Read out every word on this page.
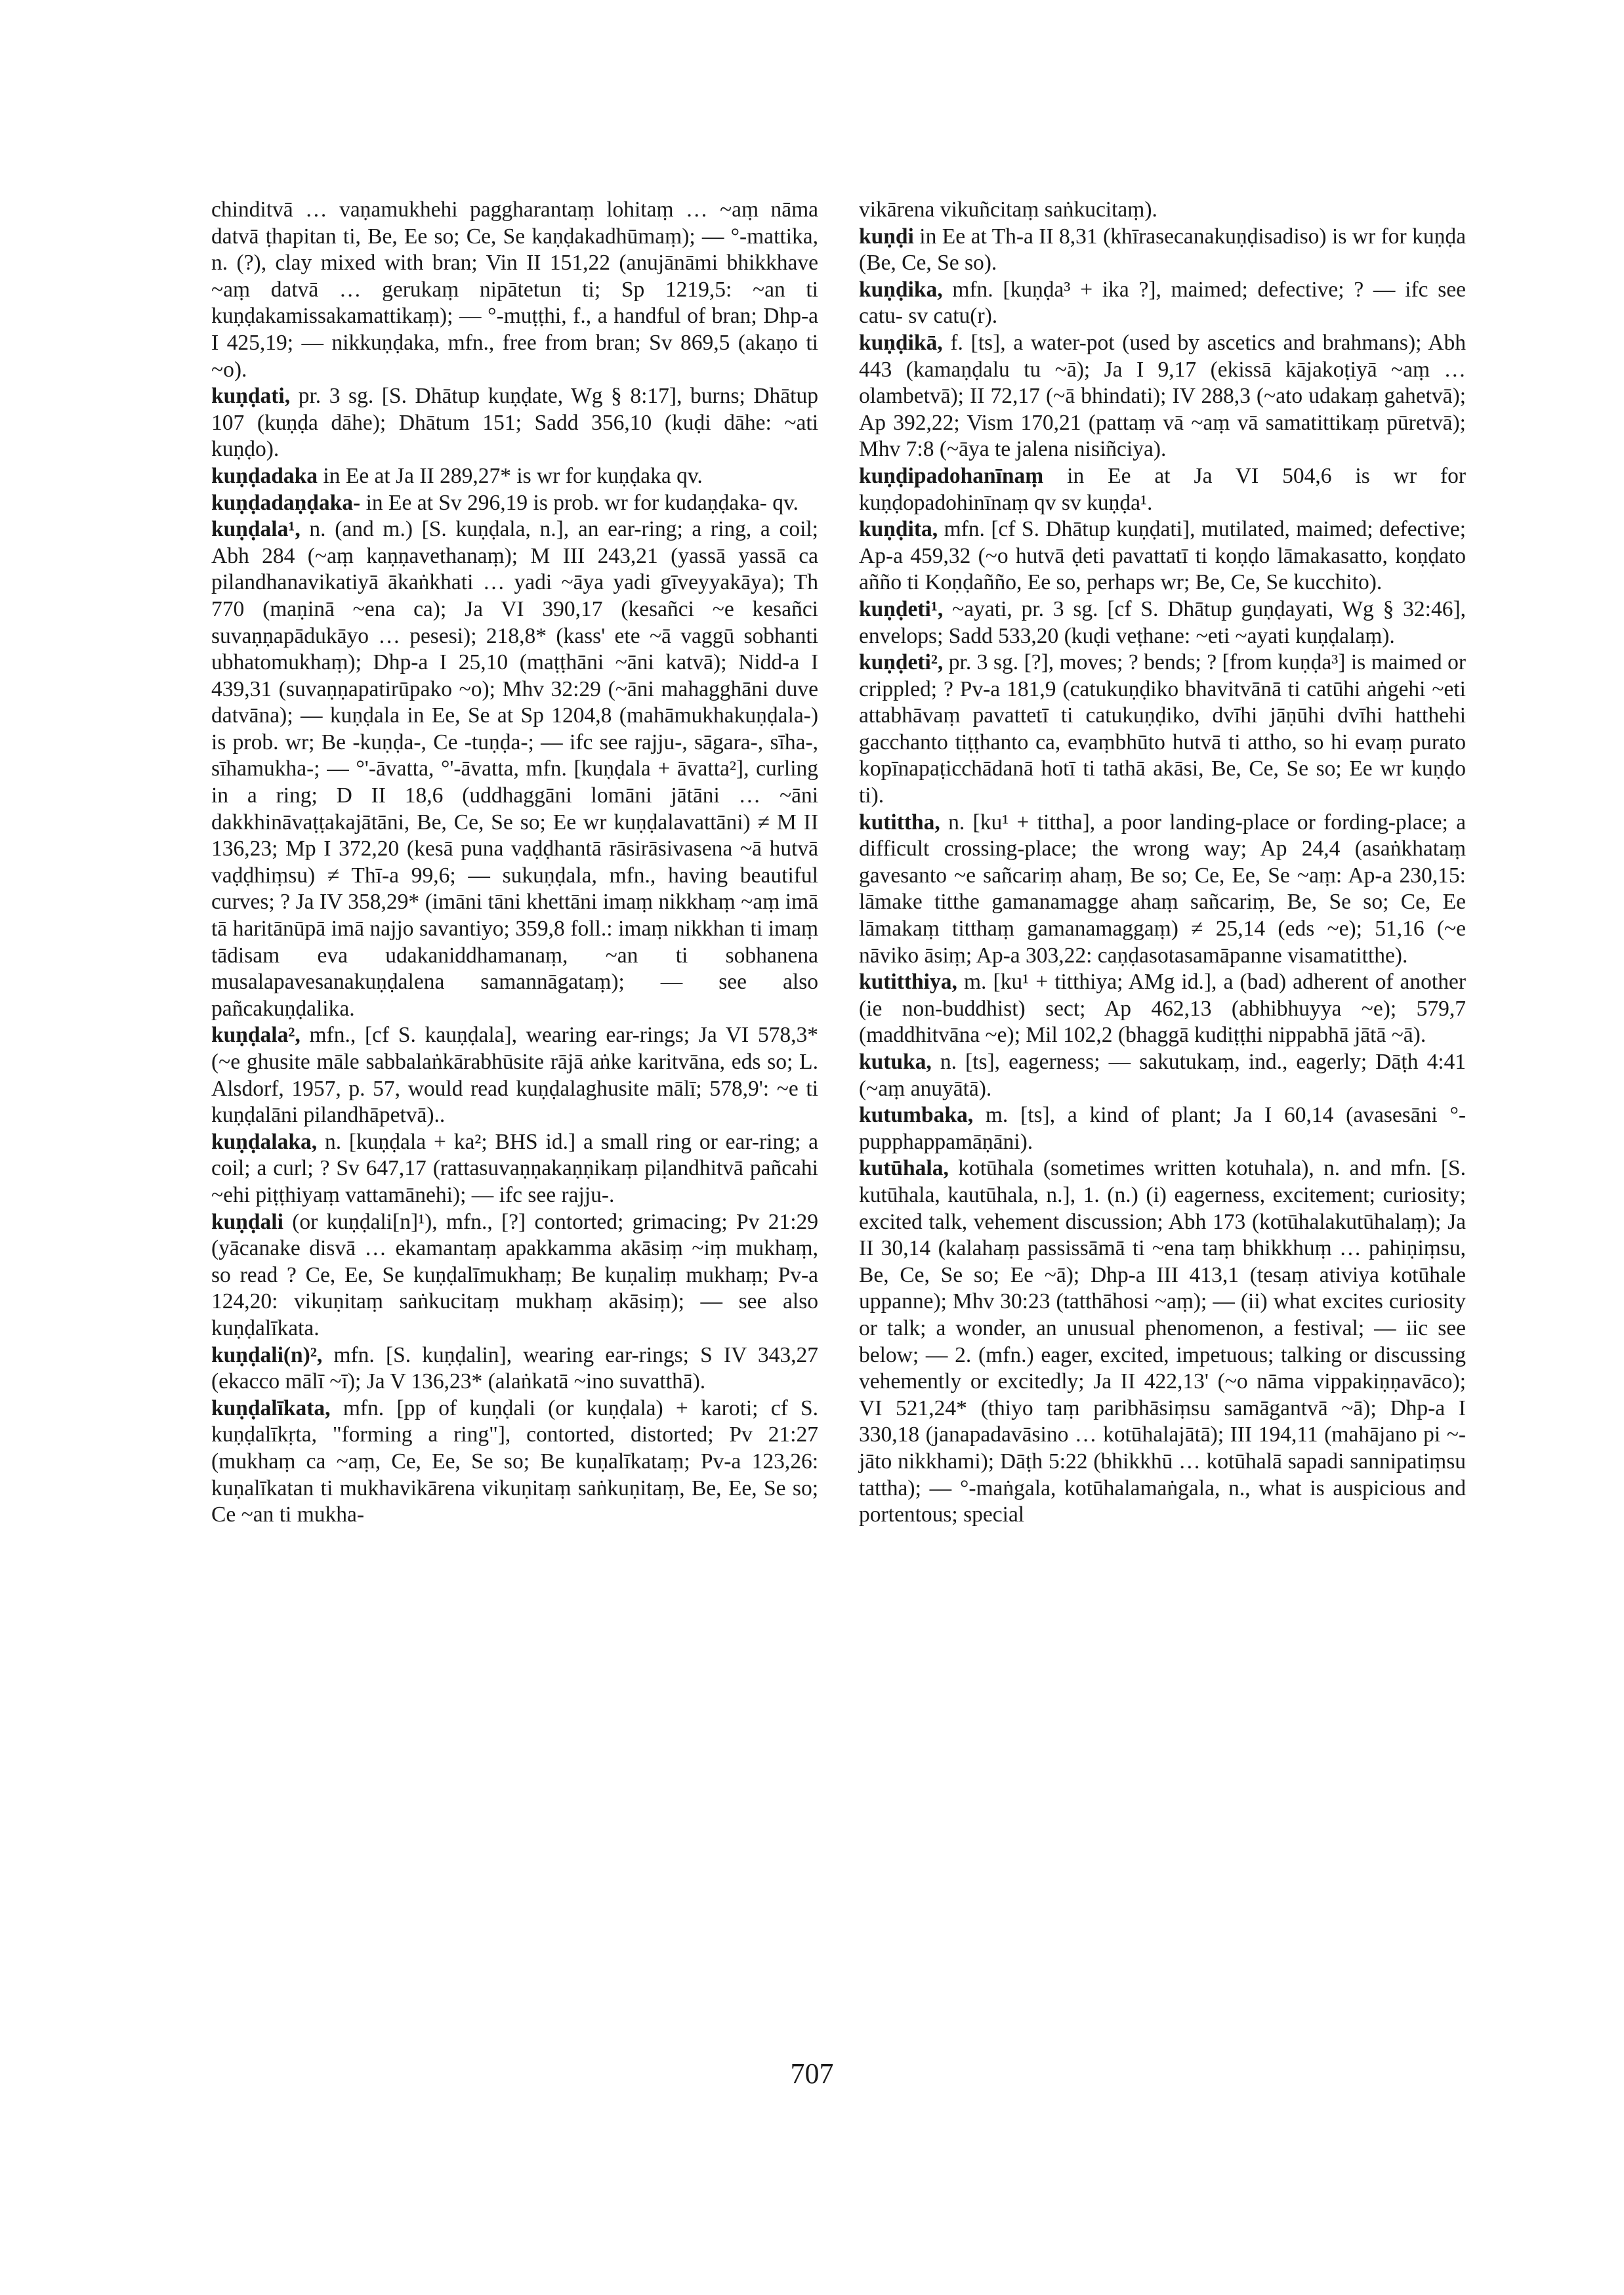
chinditvā … vaṇamukhehi paggharantaṃ lohitaṃ … ~aṃ nāma datvā ṭhapitan ti, Be, Ee so; Ce, Se kaṇḍakadhūmaṃ); — °-mattika, n. (?), clay mixed with bran; Vin II 151,22 (anujānāmi bhikkhave ~aṃ datvā … gerukaṃ nipātetun ti; Sp 1219,5: ~an ti kuṇḍakamissakamattikaṃ); — °-muṭṭhi, f., a handful of bran; Dhp-a I 425,19; — nikkuṇḍaka, mfn., free from bran; Sv 869,5 (akaṇo ti ~o).

kuṇḍati, pr. 3 sg. [S. Dhātup kuṇḍate, Wg § 8:17], burns; Dhātup 107 (kuṇḍa dāhe); Dhātum 151; Sadd 356,10 (kuḍi dāhe: ~ati kuṇḍo).

kuṇḍadaka in Ee at Ja II 289,27* is wr for kuṇḍaka qv.

kuṇḍadaṇḍaka- in Ee at Sv 296,19 is prob. wr for kudaṇḍaka- qv.

kuṇḍala¹, n. (and m.) [S. kuṇḍala, n.], an ear-ring; a ring, a coil; Abh 284 (~aṃ kaṇṇavethanaṃ); M III 243,21 (yassā yassā ca pilandhanavikatiyā ākaṅkhati … yadi ~āya yadi gīveyyakāya); Th 770 (maṇinā ~ena ca); Ja VI 390,17 (kesañci ~e kesañci suvaṇṇapādukāyo … pesesi); 218,8* (kass' ete ~ā vaggū sobhanti ubhatomukhaṃ); Dhp-a I 25,10 (maṭṭhāni ~āni katvā); Nidd-a I 439,31 (suvaṇṇapatirūpako ~o); Mhv 32:29 (~āni mahagghāni duve datvāna); — kuṇḍala in Ee, Se at Sp 1204,8 (mahāmukhakuṇḍala-) is prob. wr; Be -kuṇḍa-, Ce -tuṇḍa-; — ifc see rajju-, sāgara-, sīha-, sīhamukha-; — °'-āvatta, °'-āvatta, mfn. [kuṇḍala + āvatta²], curling in a ring; D II 18,6 (uddhaggāni lomāni jātāni … ~āni dakkhināvaṭṭakajātāni, Be, Ce, Se so; Ee wr kuṇḍalavattāni) ≠ M II 136,23; Mp I 372,20 (kesā puna vaḍḍhantā rāsirāsivasena ~ā hutvā vaḍḍhiṃsu) ≠ Thī-a 99,6; — sukuṇḍala, mfn., having beautiful curves; ? Ja IV 358,29* (imāni tāni khettāni imaṃ nikkhaṃ ~aṃ imā tā haritānūpā imā najjo savantiyo; 359,8 foll.: imaṃ nikkhan ti imaṃ tādisam eva udakaniddhamanaṃ, ~an ti sobhanena musalapavesanakuṇḍalena samannāgataṃ); — see also pañcakuṇḍalika.

kuṇḍala², mfn., [cf S. kauṇḍala], wearing ear-rings; Ja VI 578,3* (~e ghusite māle sabbalaṅkārabhūsite rājā aṅke karitvāna, eds so; L. Alsdorf, 1957, p. 57, would read kuṇḍalaghusite mālī; 578,9': ~e ti kuṇḍalāni pilandhāpetvā)..

kuṇḍalaka, n. [kuṇḍala + ka²; BHS id.] a small ring or ear-ring; a coil; a curl; ? Sv 647,17 (rattasuvaṇṇakaṇṇikaṃ piḷandhitvā pañcahi ~ehi piṭṭhiyaṃ vattamānehi); — ifc see rajju-.

kuṇḍali (or kuṇḍali[n]¹), mfn., [?] contorted; grimacing; Pv 21:29 (yācanake disvā … ekamantaṃ apakkamma akāsiṃ ~iṃ mukhaṃ, so read ? Ce, Ee, Se kuṇḍalīmukhaṃ; Be kuṇaliṃ mukhaṃ; Pv-a 124,20: vikuṇitaṃ saṅkucitaṃ mukhaṃ akāsiṃ); — see also kuṇḍalīkata.

kuṇḍali(n)², mfn. [S. kuṇḍalin], wearing ear-rings; S IV 343,27 (ekacco mālī ~ī); Ja V 136,23* (alaṅkatā ~ino suvatthā).

kuṇḍalīkata, mfn. [pp of kuṇḍali (or kuṇḍala) + karoti; cf S. kuṇḍalīkṛta, "forming a ring"], contorted, distorted; Pv 21:27 (mukhaṃ ca ~aṃ, Ce, Ee, Se so; Be kuṇalīkataṃ; Pv-a 123,26: kuṇalīkatan ti mukhavikārena vikuṇitaṃ saṅkuṇitaṃ, Be, Ee, Se so; Ce ~an ti mukha-

vikārena vikuñcitaṃ saṅkucitaṃ).

kuṇḍi in Ee at Th-a II 8,31 (khīrasecanakuṇḍisadiso) is wr for kuṇḍa (Be, Ce, Se so).

kuṇḍika, mfn. [kuṇḍa³ + ika ?], maimed; defective; ? — ifc see catu- sv catu(r).

kuṇḍikā, f. [ts], a water-pot (used by ascetics and brahmans); Abh 443 (kamaṇḍalu tu ~ā); Ja I 9,17 (ekissā kājakoṭiyā ~aṃ … olambetvā); II 72,17 (~ā bhindati); IV 288,3 (~ato udakaṃ gahetvā); Ap 392,22; Vism 170,21 (pattaṃ vā ~aṃ vā samatittikaṃ pūretvā); Mhv 7:8 (~āya te jalena nisiñciya).

kuṇḍipadohanīnaṃ in Ee at Ja VI 504,6 is wr for kuṇḍopadohinīnaṃ qv sv kuṇḍa¹.

kuṇḍita, mfn. [cf S. Dhātup kuṇḍati], mutilated, maimed; defective; Ap-a 459,32 (~o hutvā ḍeti pavattatī ti koṇḍo lāmakasatto, koṇḍato añño ti Koṇḍañño, Ee so, perhaps wr; Be, Ce, Se kucchito).

kuṇḍeti¹, ~ayati, pr. 3 sg. [cf S. Dhātup guṇḍayati, Wg § 32:46], envelops; Sadd 533,20 (kuḍi veṭhane: ~eti ~ayati kuṇḍalaṃ).

kuṇḍeti², pr. 3 sg. [?], moves; ? bends; ? [from kuṇḍa³] is maimed or crippled; ? Pv-a 181,9 (catukuṇḍiko bhavitvānā ti catūhi aṅgehi ~eti attabhāvaṃ pavattetī ti catukuṇḍiko, dvīhi jāṇūhi dvīhi hatthehi gacchanto tiṭṭhanto ca, evaṃbhūto hutvā ti attho, so hi evaṃ purato kopīnapaṭicchādanā hotī ti tathā akāsi, Be, Ce, Se so; Ee wr kuṇḍo ti).

kutittha, n. [ku¹ + tittha], a poor landing-place or fording-place; a difficult crossing-place; the wrong way; Ap 24,4 (asaṅkhataṃ gavesanto ~e sañcariṃ ahaṃ, Be so; Ce, Ee, Se ~aṃ: Ap-a 230,15: lāmake titthe gamanamagge ahaṃ sañcariṃ, Be, Se so; Ce, Ee lāmakaṃ titthaṃ gamanamaggaṃ) ≠ 25,14 (eds ~e); 51,16 (~e nāviko āsiṃ; Ap-a 303,22: caṇḍasotasamāpanne visamatitthe).

kutitthiya, m. [ku¹ + titthiya; AMg id.], a (bad) adherent of another (ie non-buddhist) sect; Ap 462,13 (abhibhuyya ~e); 579,7 (maddhitvāna ~e); Mil 102,2 (bhaggā kudiṭṭhi nippabhā jātā ~ā).

kutuka, n. [ts], eagerness; — sakutukaṃ, ind., eagerly; Dāṭh 4:41 (~aṃ anuyātā).

kutumbaka, m. [ts], a kind of plant; Ja I 60,14 (avasesāni °-pupphappamāṇāni).

kutūhala, kotūhala (sometimes written kotuhala), n. and mfn. [S. kutūhala, kautūhala, n.], 1. (n.) (i) eagerness, excitement; curiosity; excited talk, vehement discussion; Abh 173 (kotūhalakutūhalaṃ); Ja II 30,14 (kalahaṃ passissāmā ti ~ena taṃ bhikkhuṃ … pahiṇiṃsu, Be, Ce, Se so; Ee ~ā); Dhp-a III 413,1 (tesaṃ ativiya kotūhale uppanne); Mhv 30:23 (tatthāhosi ~aṃ); — (ii) what excites curiosity or talk; a wonder, an unusual phenomenon, a festival; — iic see below; — 2. (mfn.) eager, excited, impetuous; talking or discussing vehemently or excitedly; Ja II 422,13' (~o nāma vippakiṇṇavāco); VI 521,24* (thiyo taṃ paribhāsiṃsu samāgantvā ~ā); Dhp-a I 330,18 (janapadavāsino … kotūhalajātā); III 194,11 (mahājano pi ~-jāto nikkhami); Dāṭh 5:22 (bhikkhū … kotūhalā sapadi sannipatiṃsu tattha); — °-maṅgala, kotūhalamaṅgala, n., what is auspicious and portentous; special

707
